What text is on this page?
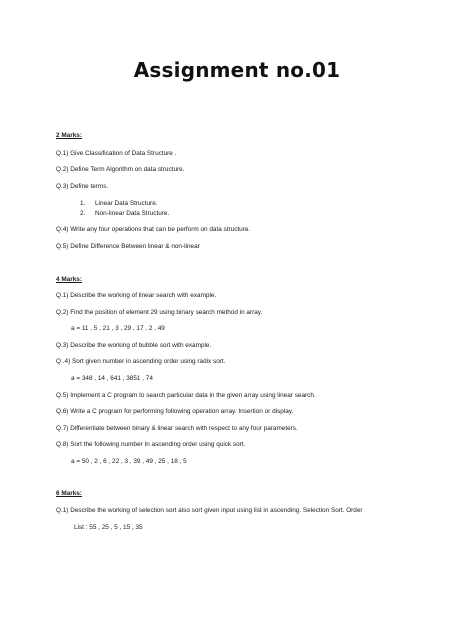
Assignment no.01
2 Marks:
Q.1) Give Classification of Data Structure .
Q.2) Define Term Algorithm on data structure.
Q.3) Define terms.
1. Linear Data Structure.
2. Non-linear Data Structure.
Q.4) Write any four operations that can be perform on data structure.
Q.5) Define Difference Between linear & non-linear
4 Marks:
Q.1) Describe the working of linear search with example.
Q.2) Find the position of element 29 using binary search method in array.
a = 11 , 5 , 21 , 3 , 29 , 17 , 2 , 49
Q.3) Describe the working of bubble sort with example.
Q .4) Sort given number in ascending order using radix sort.
a = 348 , 14 , 641 , 3851 , 74
Q.5) Implement a C program to search particular data in the given array using linear search.
Q.6) Write a C program for performing following operation array. Insertion or display.
Q.7) Differentiate between binary & linear search with respect to any four parameters.
Q.8) Sort the following number In ascending order using quick sort.
a = 50 , 2 , 6 , 22 , 3 , 39 , 49 , 25 , 18 , 5
6 Marks:
Q.1) Describe the working of selection sort also sort given input using list in ascending. Selection Sort. Order
List : 55 , 25 , 5 , 15 , 35
